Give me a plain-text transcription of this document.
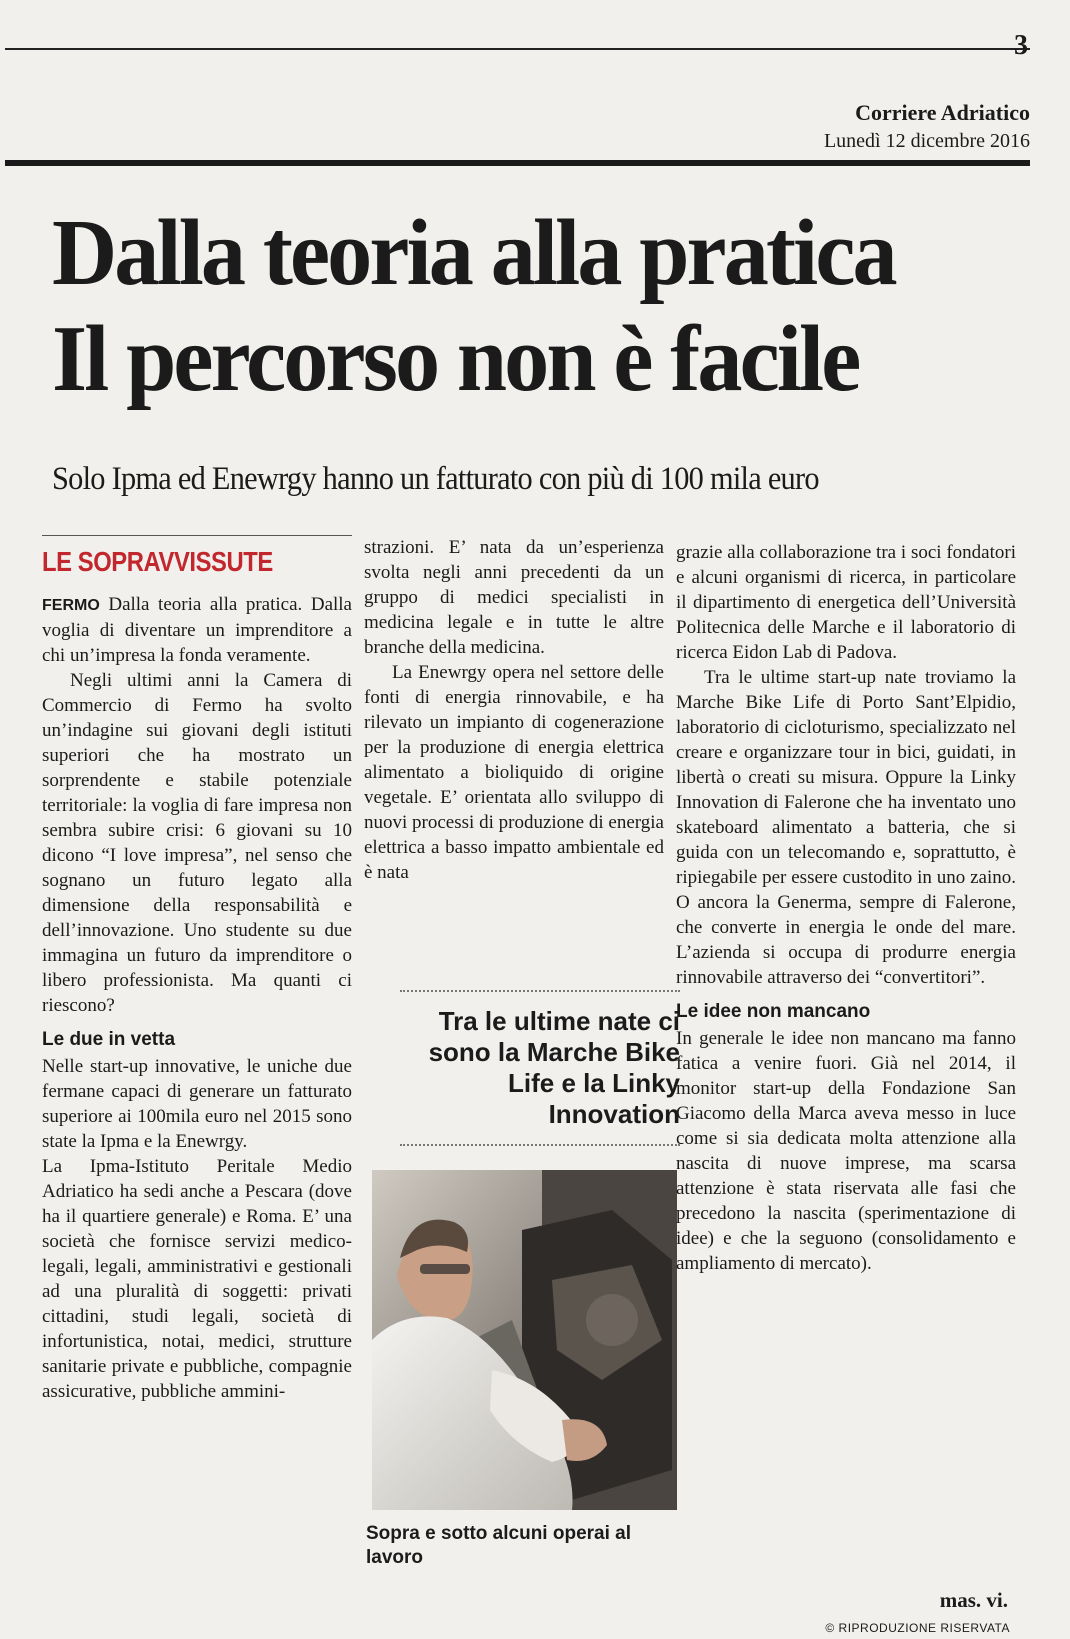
3
Corriere Adriatico
Lunedì 12 dicembre 2016
Dalla teoria alla pratica
Il percorso non è facile
Solo Ipma ed Enewrgy hanno un fatturato con più di 100 mila euro
LE SOPRAVVISSUTE

FERMO Dalla teoria alla pratica. Dalla voglia di diventare un imprenditore a chi un’impresa la fonda veramente.

Negli ultimi anni la Camera di Commercio di Fermo ha svolto un’indagine sui giovani degli istituti superiori che ha mostrato un sorprendente e stabile potenziale territoriale: la voglia di fare impresa non sembra subire crisi: 6 giovani su 10 dicono “I love impresa”, nel senso che sognano un futuro legato alla dimensione della responsabilità e dell’innovazione. Uno studente su due immagina un futuro da imprenditore o libero professionista. Ma quanti ci riescono?

Le due in vetta

Nelle start-up innovative, le uniche due fermane capaci di generare un fatturato superiore ai 100mila euro nel 2015 sono state la Ipma e la Enewrgy.

La Ipma-Istituto Peritale Medio Adriatico ha sedi anche a Pescara (dove ha il quartiere generale) e Roma. E’ una società che fornisce servizi medico-legali, legali, amministrativi e gestionali ad una pluralità di soggetti: privati cittadini, studi legali, società di infortunistica, notai, medici, strutture sanitarie private e pubbliche, compagnie assicurative, pubbliche ammini-

strazioni. E’ nata da un’esperienza svolta negli anni precedenti da un gruppo di medici specialisti in medicina legale e in tutte le altre branche della medicina.

La Enewrgy opera nel settore delle fonti di energia rinnovabile, e ha rilevato un impianto di cogenerazione per la produzione di energia elettrica alimentato a bioliquido di origine vegetale. E’ orientata allo sviluppo di nuovi processi di produzione di energia elettrica a basso impatto ambientale ed è nata

Tra le ultime nate ci sono la Marche Bike Life e la Linky Innovation

Sopra e sotto alcuni operai al lavoro

grazie alla collaborazione tra i soci fondatori e alcuni organismi di ricerca, in particolare il dipartimento di energetica dell’Università Politecnica delle Marche e il laboratorio di ricerca Eidon Lab di Padova.

Tra le ultime start-up nate troviamo la Marche Bike Life di Porto Sant’Elpidio, laboratorio di cicloturismo, specializzato nel creare e organizzare tour in bici, guidati, in libertà o creati su misura. Oppure la Linky Innovation di Falerone che ha inventato uno skateboard alimentato a batteria, che si guida con un telecomando e, soprattutto, è ripiegabile per essere custodito in uno zaino. O ancora la Generma, sempre di Falerone, che converte in energia le onde del mare. L’azienda si occupa di produrre energia rinnovabile attraverso dei “convertitori”.

Le idee non mancano

In generale le idee non mancano ma fanno fatica a venire fuori. Già nel 2014, il monitor start-up della Fondazione San Giacomo della Marca aveva messo in luce come si sia dedicata molta attenzione alla nascita di nuove imprese, ma scarsa attenzione è stata riservata alle fasi che precedono la nascita (sperimentazione di idee) e che la seguono (consolidamento e ampliamento di mercato).

mas. vi.
© RIPRODUZIONE RISERVATA
